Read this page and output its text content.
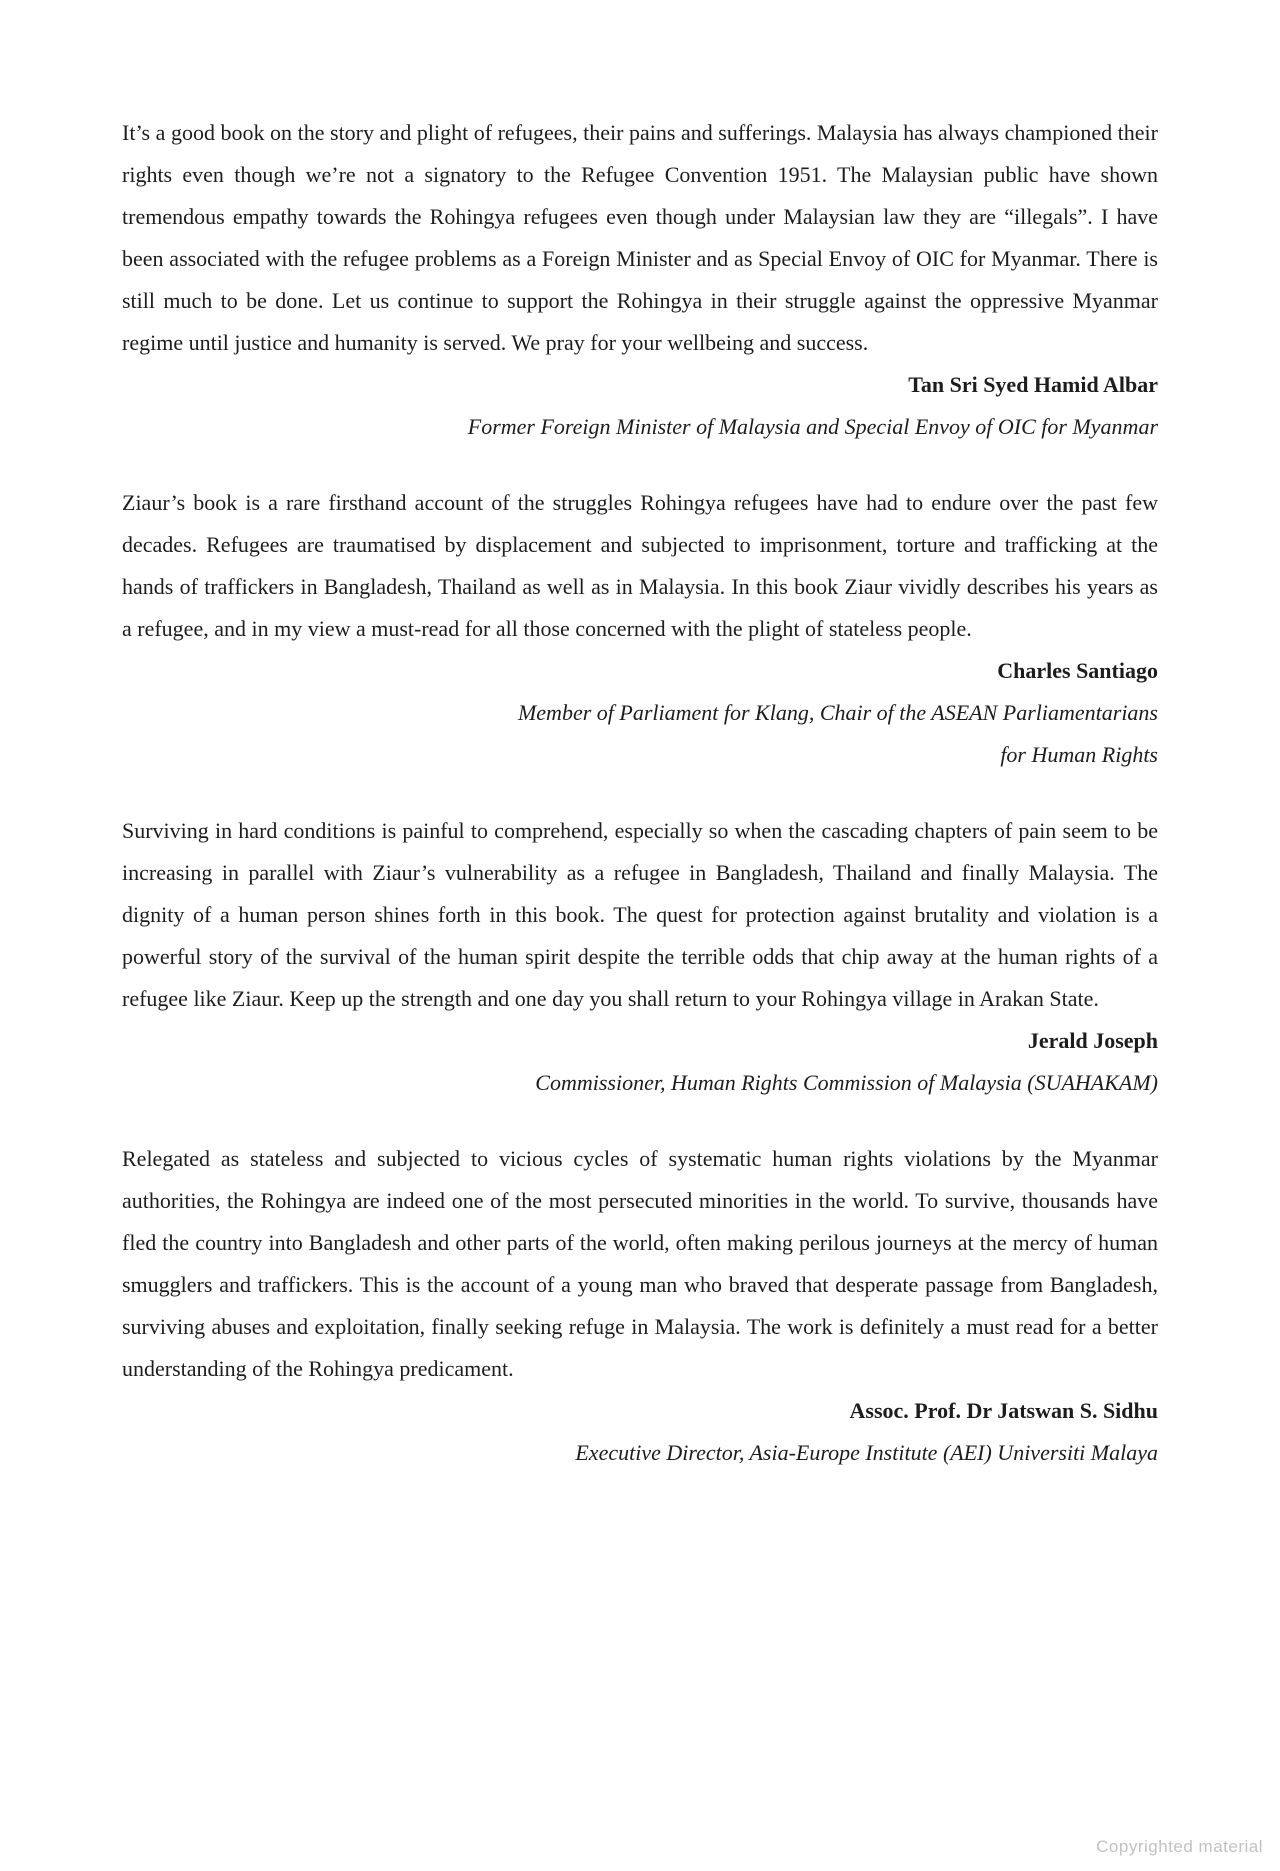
It’s a good book on the story and plight of refugees, their pains and sufferings. Malaysia has always championed their rights even though we’re not a signatory to the Refugee Convention 1951. The Malaysian public have shown tremendous empathy towards the Rohingya refugees even though under Malaysian law they are “illegals”. I have been associated with the refugee problems as a Foreign Minister and as Special Envoy of OIC for Myanmar. There is still much to be done. Let us continue to support the Rohingya in their struggle against the oppressive Myanmar regime until justice and humanity is served. We pray for your wellbeing and success.

Tan Sri Syed Hamid Albar
Former Foreign Minister of Malaysia and Special Envoy of OIC for Myanmar

Ziaur’s book is a rare firsthand account of the struggles Rohingya refugees have had to endure over the past few decades. Refugees are traumatised by displacement and subjected to imprisonment, torture and trafficking at the hands of traffickers in Bangladesh, Thailand as well as in Malaysia. In this book Ziaur vividly describes his years as a refugee, and in my view a must-read for all those concerned with the plight of stateless people.

Charles Santiago
Member of Parliament for Klang, Chair of the ASEAN Parliamentarians
for Human Rights

Surviving in hard conditions is painful to comprehend, especially so when the cascading chapters of pain seem to be increasing in parallel with Ziaur’s vulnerability as a refugee in Bangladesh, Thailand and finally Malaysia. The dignity of a human person shines forth in this book. The quest for protection against brutality and violation is a powerful story of the survival of the human spirit despite the terrible odds that chip away at the human rights of a refugee like Ziaur. Keep up the strength and one day you shall return to your Rohingya village in Arakan State.

Jerald Joseph
Commissioner, Human Rights Commission of Malaysia (SUAHAKAM)

Relegated as stateless and subjected to vicious cycles of systematic human rights violations by the Myanmar authorities, the Rohingya are indeed one of the most persecuted minorities in the world. To survive, thousands have fled the country into Bangladesh and other parts of the world, often making perilous journeys at the mercy of human smugglers and traffickers. This is the account of a young man who braved that desperate passage from Bangladesh, surviving abuses and exploitation, finally seeking refuge in Malaysia. The work is definitely a must read for a better understanding of the Rohingya predicament.

Assoc. Prof. Dr Jatswan S. Sidhu
Executive Director, Asia-Europe Institute (AEI) Universiti Malaya
Copyrighted material
